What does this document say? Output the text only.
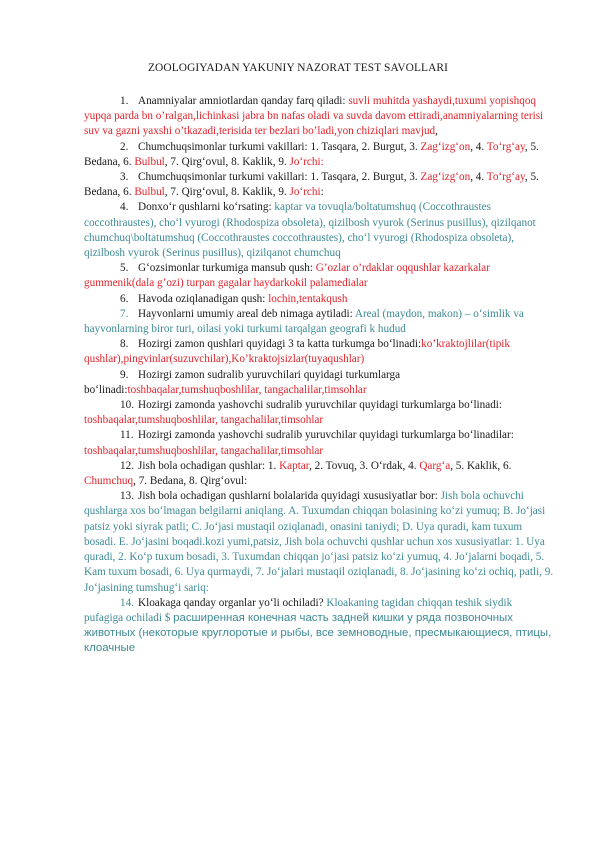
ZOOLOGIYADAN YAKUNIY NAZORAT TEST SAVOLLARI

1. Anamniyalar amniotlardan qanday farq qiladi: suvli muhitda yashaydi,tuxumi yopishqoq yupqa parda bn o’ralgan,lichinkasi jabra bn nafas oladi va suvda davom ettiradi,anamniyalarning terisi suv va gazni yaxshi o’tkazadi,terisida ter bezlari bo’ladi,yon chiziqlari mavjud,

2. Chumchuqsimonlar turkumi vakillari: 1. Tasqara, 2. Burgut, 3. Zag‘izg‘on, 4. To‘rg‘ay, 5. Bedana, 6. Bulbul, 7. Qirg‘ovul, 8. Kaklik, 9. Jo‘rchi:

3. Chumchuqsimonlar turkumi vakillari: 1. Tasqara, 2. Burgut, 3. Zag‘izg‘on, 4. To‘rg‘ay, 5. Bedana, 6. Bulbul, 7. Qirg‘ovul, 8. Kaklik, 9. Jo‘rchi:

4. Donxo‘r qushlarni ko‘rsating: kaptar va tovuqla/boltatumshuq (Coccothraustes coccothraustes), cho‘l vyurogi (Rhodospiza obsoleta), qizilbosh vyurok (Serinus pusillus), qizilqanot chumchuq\boltatumshuq (Coccothraustes coccothraustes), cho‘l vyurogi (Rhodospiza obsoleta), qizilbosh vyurok (Serinus pusillus), qizilqanot chumchuq

5. G‘ozsimonlar turkumiga mansub qush: G’ozlar o’rdaklar oqqushlar kazarkalar gummenik(dala g’ozi) turpan gagalar haydarkokil palamedialar

6. Havoda oziqlanadigan qush: lochin,tentakqush

7. Hayvonlarni umumiy areal deb nimaga aytiladi: Areal (maydon, makon) – o‘simlik va hayvonlarning biror turi, oilasi yoki turkumi tarqalgan geografi k hudud

8. Hozirgi zamon qushlari quyidagi 3 ta katta turkumga bo‘linadi:ko’kraktojlilar(tipik qushlar),pingvinlar(suzuvchilar),Ko’kraktojsizlar(tuyaqushlar)

9. Hozirgi zamon sudralib yuruvchilari quyidagi turkumlarga bo‘linadi:toshbaqalar,tumshuqboshlilar, tangachalilar,timsohlar

10. Hozirgi zamonda yashovchi sudralib yuruvchilar quyidagi turkumlarga bo‘linadi: toshbaqalar,tumshuqboshlilar, tangachalilar,timsohlar

11. Hozirgi zamonda yashovchi sudralib yuruvchilar quyidagi turkumlarga bo‘linadilar: toshbaqalar,tumshuqboshlilar, tangachalilar,timsohlar

12. Jish bola ochadigan qushlar: 1. Kaptar, 2. Tovuq, 3. O‘rdak, 4. Qarg‘a, 5. Kaklik, 6. Chumchuq, 7. Bedana, 8. Qirg‘ovul:

13. Jish bola ochadigan qushlarni bolalarida quyidagi xususiyatlar bor: Jish bola ochuvchi qushlarga xos bo‘lmagan belgilarni aniqlang. A. Tuxumdan chiqqan bolasining ko‘zi yumuq; B. Jo‘jasi patsiz yoki siyrak patli; C. Jo‘jasi mustaqil oziqlanadi, onasini taniydi; D. Uya quradi, kam tuxum bosadi. E. Jo‘jasini boqadi.kozi yumi,patsiz, Jish bola ochuvchi qushlar uchun xos xususiyatlar: 1. Uya quradi, 2. Ko‘p tuxum bosadi, 3. Tuxumdan chiqqan jo‘jasi patsiz ko‘zi yumuq, 4. Jo‘jalarni boqadi, 5. Kam tuxum bosadi, 6. Uya qurmaydi, 7. Jo‘jalari mustaqil oziqlanadi, 8. Jo‘jasining ko‘zi ochiq, patli, 9. Jo‘jasining tumshug‘i sariq:

14. Kloakaga qanday organlar yo‘li ochiladi? Kloakaning tagidan chiqqan teshik siydik pufagiga ochiladi $ расширенная конечная часть задней кишки у ряда позвоночных животных (некоторые круглоротые и рыбы, все земноводные, пресмыкающиеся, птицы, клоачные
